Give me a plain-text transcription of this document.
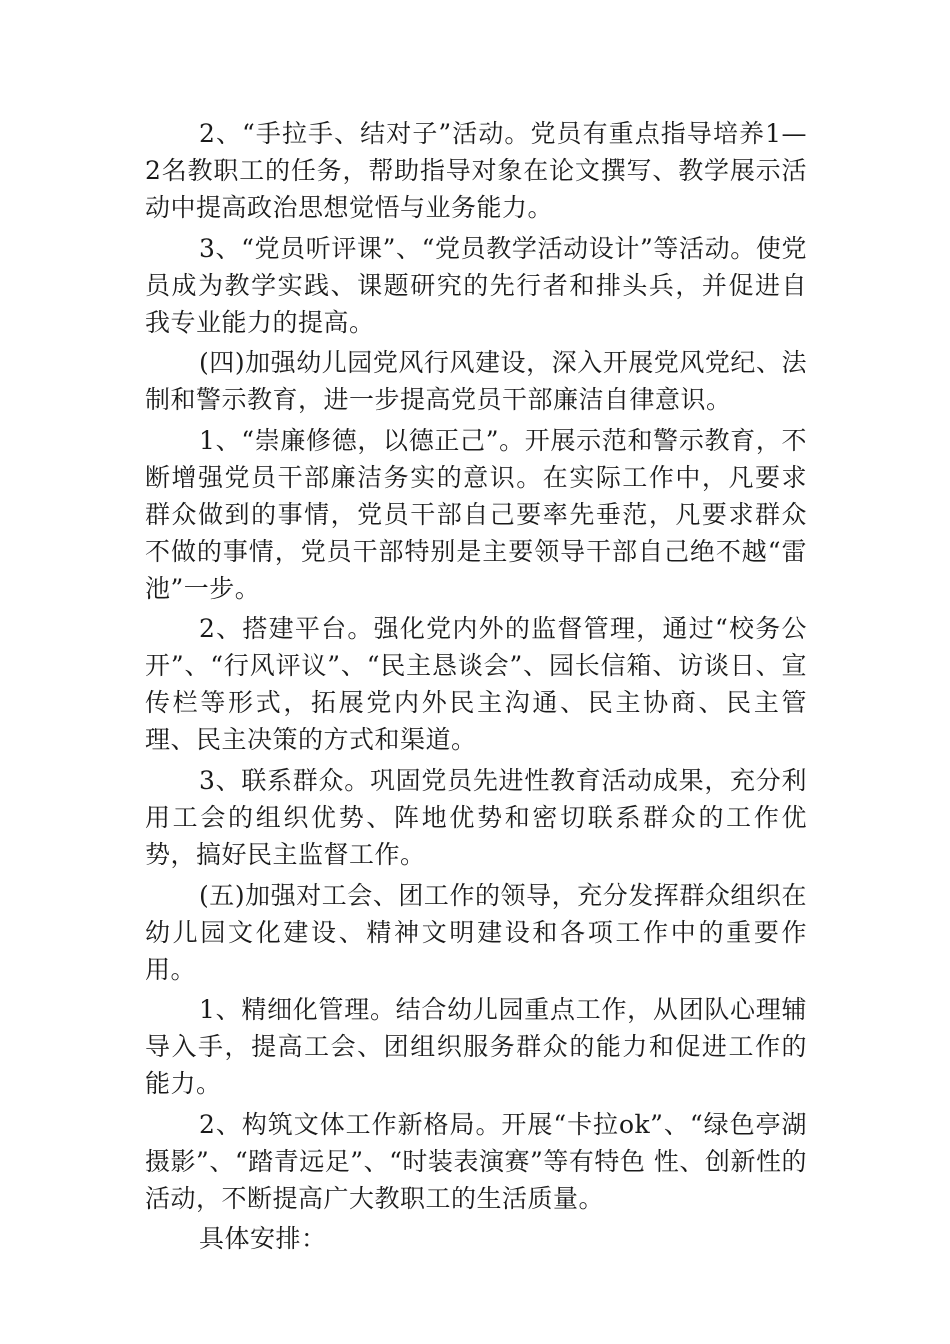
2、“手拉手、结对子”活动。党员有重点指导培养1—2名教职工的任务，帮助指导对象在论文撰写、教学展示活动中提高政治思想觉悟与业务能力。

3、“党员听评课”、“党员教学活动设计”等活动。使党员成为教学实践、课题研究的先行者和排头兵，并促进自我专业能力的提高。

(四)加强幼儿园党风行风建设，深入开展党风党纪、法制和警示教育，进一步提高党员干部廉洁自律意识。

1、“崇廉修德，以德正己”。开展示范和警示教育，不断增强党员干部廉洁务实的意识。在实际工作中，凡要求群众做到的事情，党员干部自己要率先垂范，凡要求群众不做的事情，党员干部特别是主要领导干部自己绝不越“雷池”一步。

2、搭建平台。强化党内外的监督管理，通过“校务公开”、“行风评议”、“民主恳谈会”、园长信箱、访谈日、宣传栏等形式，拓展党内外民主沟通、民主协商、民主管理、民主决策的方式和渠道。

3、联系群众。巩固党员先进性教育活动成果，充分利用工会的组织优势、阵地优势和密切联系群众的工作优势，搞好民主监督工作。

(五)加强对工会、团工作的领导，充分发挥群众组织在幼儿园文化建设、精神文明建设和各项工作中的重要作用。

1、精细化管理。结合幼儿园重点工作，从团队心理辅导入手，提高工会、团组织服务群众的能力和促进工作的能力。

2、构筑文体工作新格局。开展“卡拉ok”、“绿色亭湖摄影”、“踏青远足”、“时装表演赛”等有特色 性、创新性的活动，不断提高广大教职工的生活质量。

具体安排：
